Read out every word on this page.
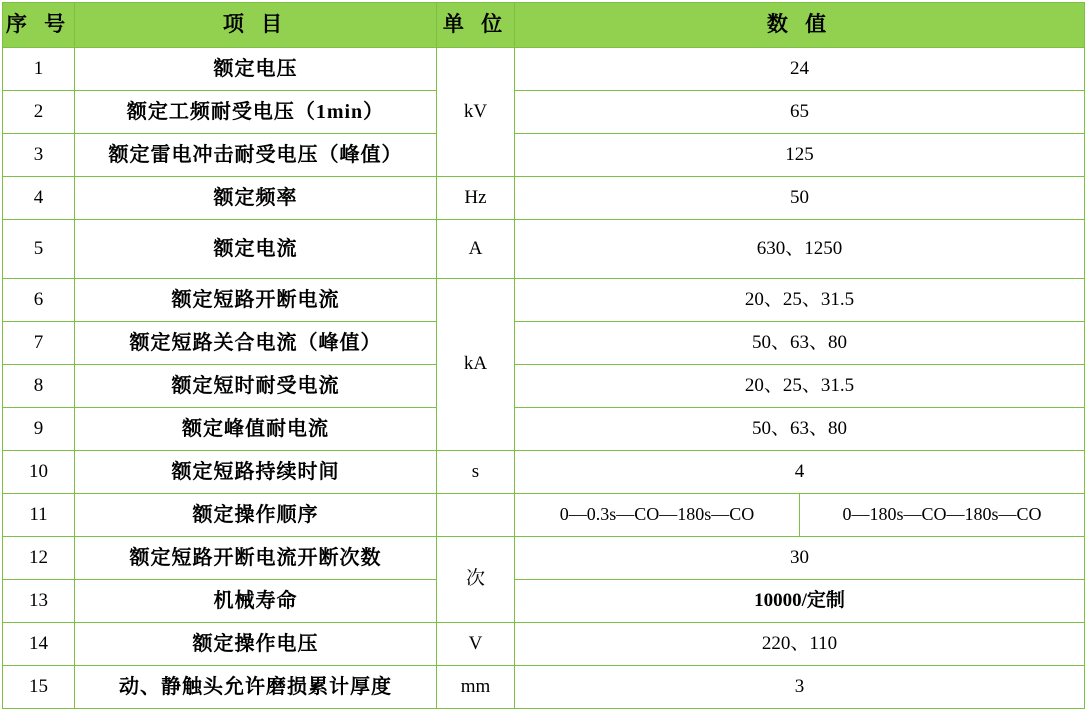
序 号	项 目	单 位	数 值
1	额定电压	kV	24
2	额定工频耐受电压（1min）	65
3	额定雷电冲击耐受电压（峰值）	125
4	额定频率	Hz	50
5	额定电流	A	630、1250
6	额定短路开断电流	kA	20、25、31.5
7	额定短路关合电流（峰值）	50、63、80
8	额定短时耐受电流	20、25、31.5
9	额定峰值耐电流	50、63、80
10	额定短路持续时间	s	4
11	额定操作顺序			0—0.3s—CO—180s—CO	0—180s—CO—180s—CO

12	额定短路开断电流开断次数	次	30
13	机械寿命	10000/定制
14	额定操作电压	V	220、110
15	动、静触头允许磨损累计厚度	mm	3
